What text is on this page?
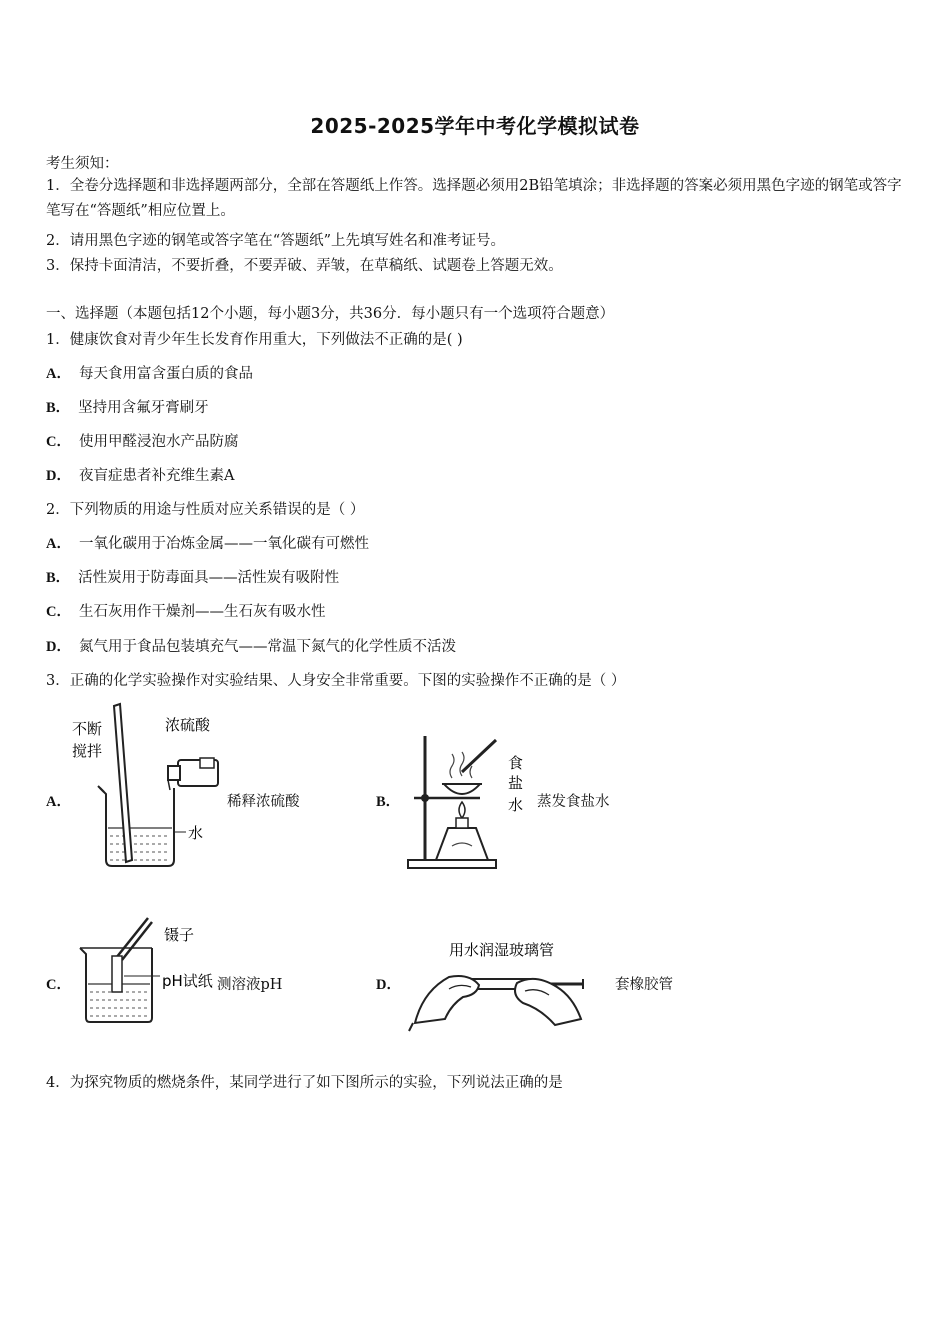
2025-2025学年中考化学模拟试卷
考生须知：
1．全卷分选择题和非选择题两部分，全部在答题纸上作答。选择题必须用2B铅笔填涂；非选择题的答案必须用黑色字迹的钢笔或答字笔写在“答题纸”相应位置上。
2．请用黑色字迹的钢笔或答字笔在“答题纸”上先填写姓名和准考证号。
3．保持卡面清洁，不要折叠，不要弄破、弄皱，在草稿纸、试题卷上答题无效。
一、选择题（本题包括12个小题，每小题3分，共36分．每小题只有一个选项符合题意）
1．健康饮食对青少年生长发育作用重大，下列做法不正确的是( )
A． 每天食用富含蛋白质的食品
B． 坚持用含氟牙膏刷牙
C． 使用甲醛浸泡水产品防腐
D． 夜盲症患者补充维生素A
2．下列物质的用途与性质对应关系错误的是（ ）
A． 一氧化碳用于冶炼金属——一氧化碳有可燃性
B． 活性炭用于防毒面具——活性炭有吸附性
C． 生石灰用作干燥剂——生石灰有吸水性
D． 氮气用于食品包装填充气——常温下氮气的化学性质不活泼
3．正确的化学实验操作对实验结果、人身安全非常重要。下图的实验操作不正确的是（ ）
A．
不断
搅拌
浓硫酸
水
稀释浓硫酸	B．
食
盐
水 蒸发食盐水
C．
镊子
pH试纸 测溶液pH	D．
用水润湿玻璃管
套橡胶管
4．为探究物质的燃烧条件，某同学进行了如下图所示的实验，下列说法正确的是
